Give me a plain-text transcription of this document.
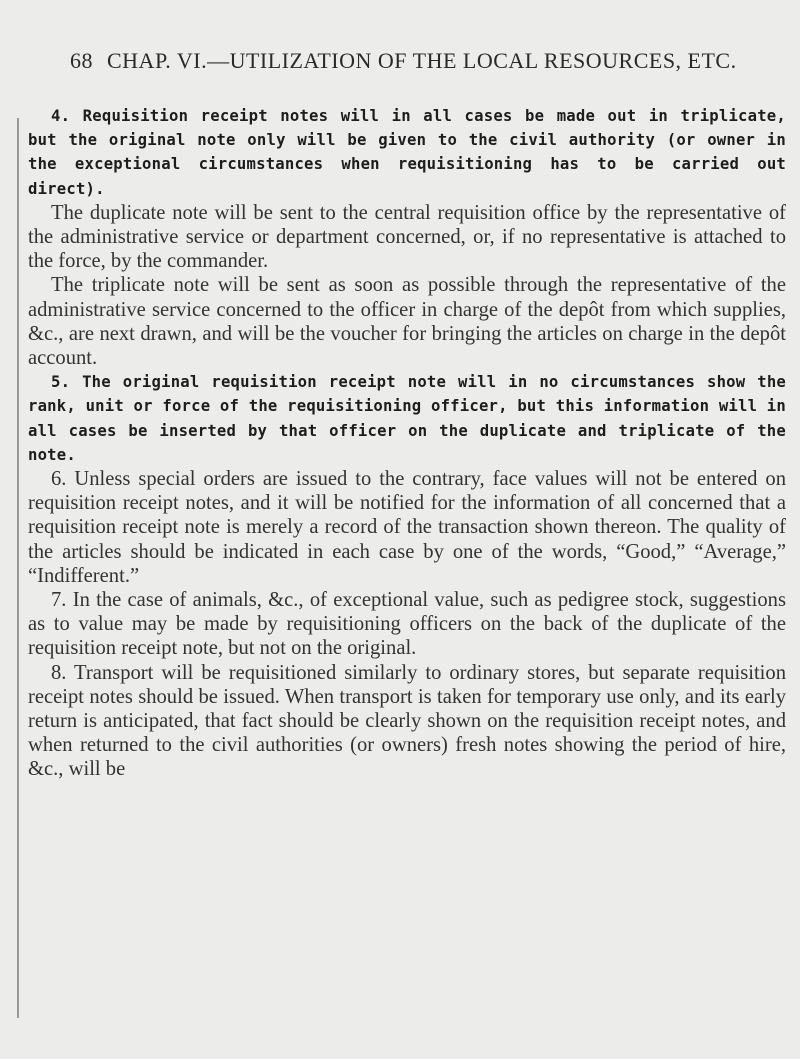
68 CHAP. VI.—UTILIZATION OF THE LOCAL RESOURCES, ETC.

4. Requisition receipt notes will in all cases be made out in triplicate, but the original note only will be given to the civil authority (or owner in the exceptional circumstances when requisitioning has to be carried out direct).

The duplicate note will be sent to the central requisition office by the representative of the administrative service or department concerned, or, if no representative is attached to the force, by the commander.

The triplicate note will be sent as soon as possible through the representative of the administrative service concerned to the officer in charge of the depôt from which supplies, &c., are next drawn, and will be the voucher for bringing the articles on charge in the depôt account.

5. The original requisition receipt note will in no circumstances show the rank, unit or force of the requisitioning officer, but this information will in all cases be inserted by that officer on the duplicate and triplicate of the note.

6. Unless special orders are issued to the contrary, face values will not be entered on requisition receipt notes, and it will be notified for the information of all concerned that a requisition receipt note is merely a record of the transaction shown thereon. The quality of the articles should be indicated in each case by one of the words, “Good,” “Average,” “Indifferent.”

7. In the case of animals, &c., of exceptional value, such as pedigree stock, suggestions as to value may be made by requisitioning officers on the back of the duplicate of the requisition receipt note, but not on the original.

8. Transport will be requisitioned similarly to ordinary stores, but separate requisition receipt notes should be issued. When transport is taken for temporary use only, and its early return is anticipated, that fact should be clearly shown on the requisition receipt notes, and when returned to the civil authorities (or owners) fresh notes showing the period of hire, &c., will be
